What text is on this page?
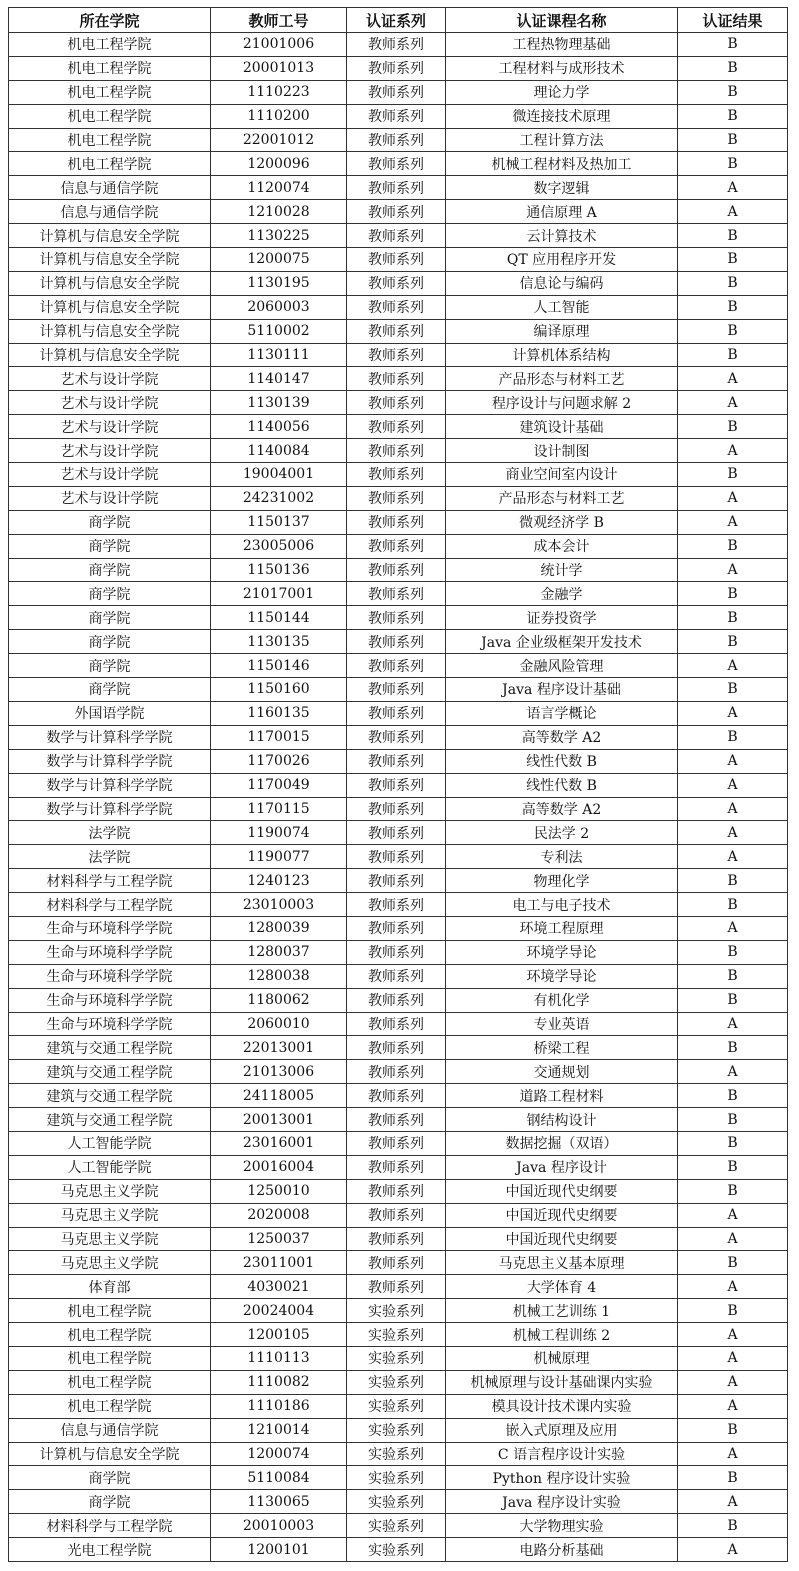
所在学院	教师工号	认证系列	认证课程名称	认证结果
机电工程学院	21001006	教师系列	工程热物理基础	B
机电工程学院	20001013	教师系列	工程材料与成形技术	B
机电工程学院	1110223	教师系列	理论力学	B
机电工程学院	1110200	教师系列	微连接技术原理	B
机电工程学院	22001012	教师系列	工程计算方法	B
机电工程学院	1200096	教师系列	机械工程材料及热加工	B
信息与通信学院	1120074	教师系列	数字逻辑	A
信息与通信学院	1210028	教师系列	通信原理 A	A
计算机与信息安全学院	1130225	教师系列	云计算技术	B
计算机与信息安全学院	1200075	教师系列	QT 应用程序开发	B
计算机与信息安全学院	1130195	教师系列	信息论与编码	B
计算机与信息安全学院	2060003	教师系列	人工智能	B
计算机与信息安全学院	5110002	教师系列	编译原理	B
计算机与信息安全学院	1130111	教师系列	计算机体系结构	B
艺术与设计学院	1140147	教师系列	产品形态与材料工艺	A
艺术与设计学院	1130139	教师系列	程序设计与问题求解 2	A
艺术与设计学院	1140056	教师系列	建筑设计基础	B
艺术与设计学院	1140084	教师系列	设计制图	A
艺术与设计学院	19004001	教师系列	商业空间室内设计	B
艺术与设计学院	24231002	教师系列	产品形态与材料工艺	A
商学院	1150137	教师系列	微观经济学 B	A
商学院	23005006	教师系列	成本会计	B
商学院	1150136	教师系列	统计学	A
商学院	21017001	教师系列	金融学	B
商学院	1150144	教师系列	证券投资学	B
商学院	1130135	教师系列	Java 企业级框架开发技术	B
商学院	1150146	教师系列	金融风险管理	A
商学院	1150160	教师系列	Java 程序设计基础	B
外国语学院	1160135	教师系列	语言学概论	A
数学与计算科学学院	1170015	教师系列	高等数学 A2	B
数学与计算科学学院	1170026	教师系列	线性代数 B	A
数学与计算科学学院	1170049	教师系列	线性代数 B	A
数学与计算科学学院	1170115	教师系列	高等数学 A2	A
法学院	1190074	教师系列	民法学 2	A
法学院	1190077	教师系列	专利法	A
材料科学与工程学院	1240123	教师系列	物理化学	B
材料科学与工程学院	23010003	教师系列	电工与电子技术	B
生命与环境科学学院	1280039	教师系列	环境工程原理	A
生命与环境科学学院	1280037	教师系列	环境学导论	B
生命与环境科学学院	1280038	教师系列	环境学导论	B
生命与环境科学学院	1180062	教师系列	有机化学	B
生命与环境科学学院	2060010	教师系列	专业英语	A
建筑与交通工程学院	22013001	教师系列	桥梁工程	B
建筑与交通工程学院	21013006	教师系列	交通规划	A
建筑与交通工程学院	24118005	教师系列	道路工程材料	B
建筑与交通工程学院	20013001	教师系列	钢结构设计	B
人工智能学院	23016001	教师系列	数据挖掘（双语）	B
人工智能学院	20016004	教师系列	Java 程序设计	B
马克思主义学院	1250010	教师系列	中国近现代史纲要	B
马克思主义学院	2020008	教师系列	中国近现代史纲要	A
马克思主义学院	1250037	教师系列	中国近现代史纲要	A
马克思主义学院	23011001	教师系列	马克思主义基本原理	B
体育部	4030021	教师系列	大学体育 4	A
机电工程学院	20024004	实验系列	机械工艺训练 1	B
机电工程学院	1200105	实验系列	机械工程训练 2	A
机电工程学院	1110113	实验系列	机械原理	A
机电工程学院	1110082	实验系列	机械原理与设计基础课内实验	A
机电工程学院	1110186	实验系列	模具设计技术课内实验	A
信息与通信学院	1210014	实验系列	嵌入式原理及应用	B
计算机与信息安全学院	1200074	实验系列	C 语言程序设计实验	A
商学院	5110084	实验系列	Python 程序设计实验	B
商学院	1130065	实验系列	Java 程序设计实验	A
材料科学与工程学院	20010003	实验系列	大学物理实验	B
光电工程学院	1200101	实验系列	电路分析基础	A
